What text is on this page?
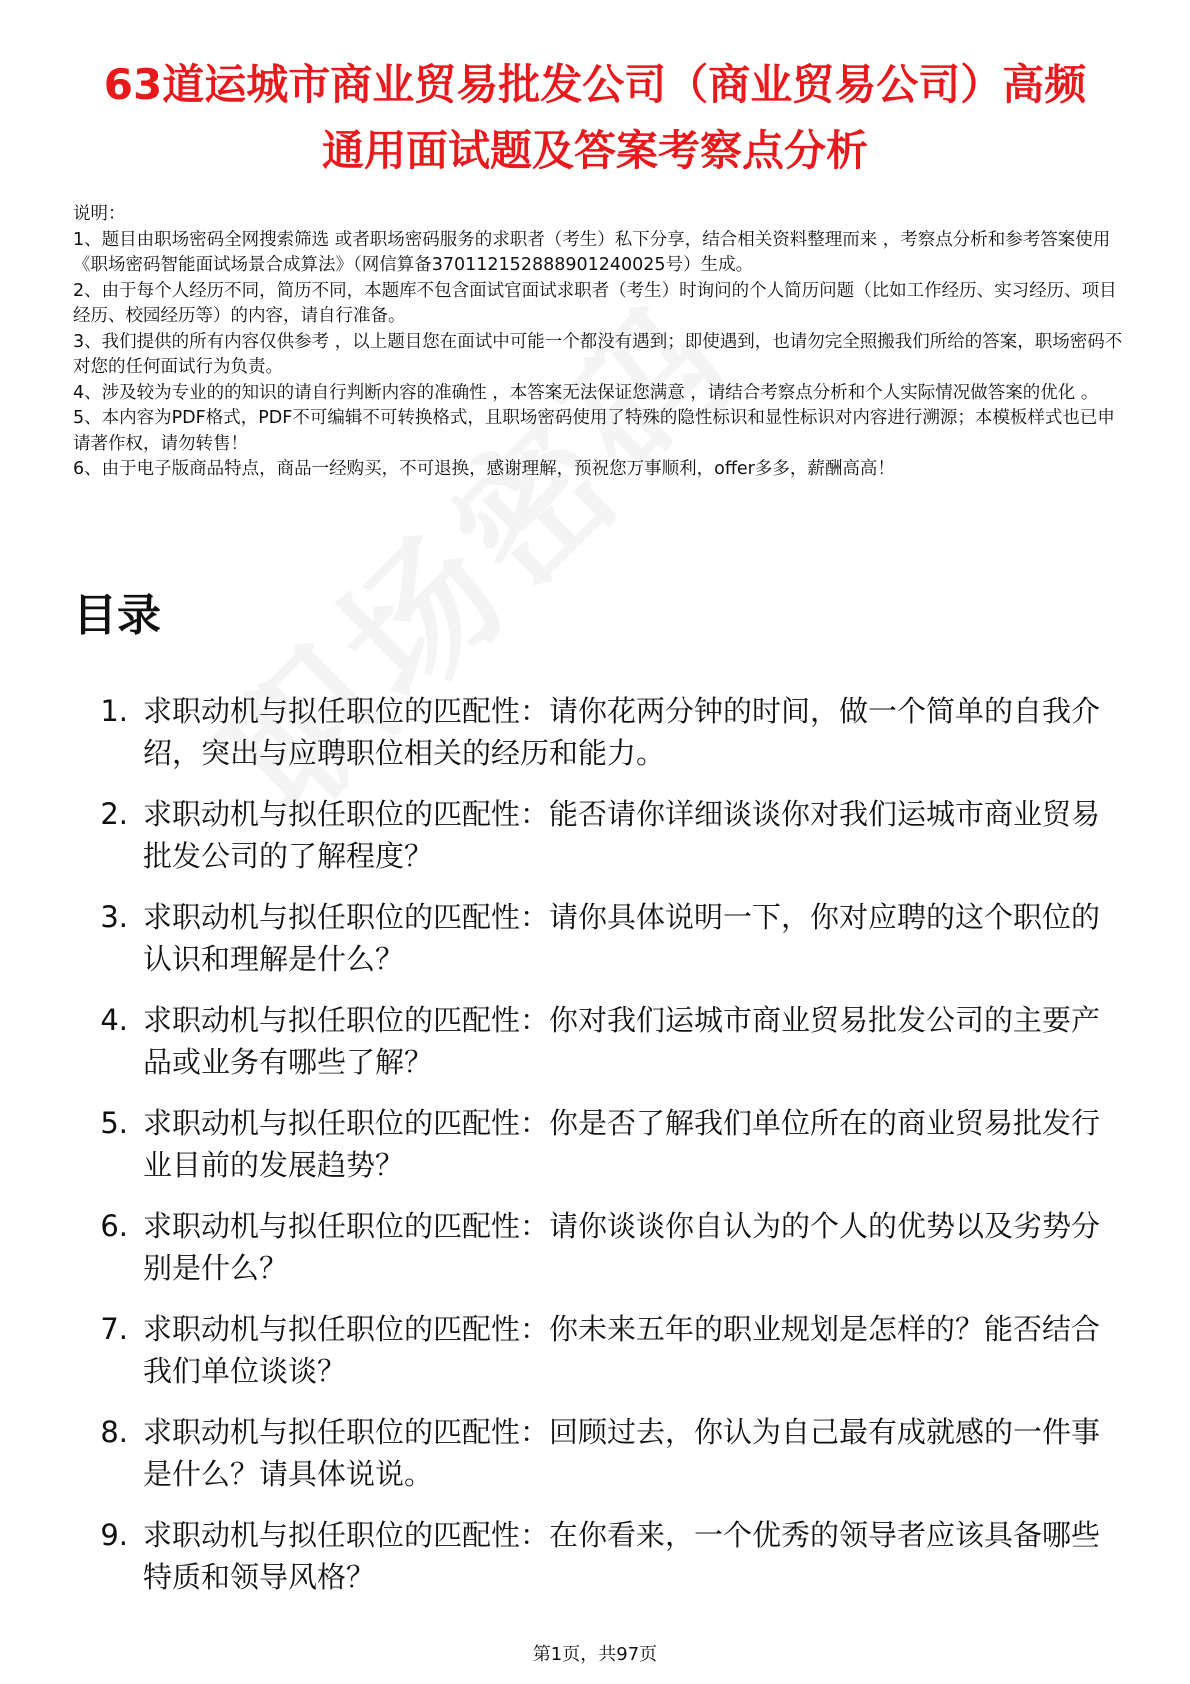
63道运城市商业贸易批发公司（商业贸易公司）高频通用面试题及答案考察点分析

说明：

1、题目由职场密码全网搜索筛选 或者职场密码服务的求职者（考生）私下分享，结合相关资料整理而来 ，考察点分析和参考答案使用《职场密码智能面试场景合成算法》（网信算备370112152888901240025号）生成。

2、由于每个人经历不同，简历不同，本题库不包含面试官面试求职者（考生）时询问的个人简历问题（比如工作经历、实习经历、项目经历、校园经历等）的内容，请自行准备。

3、我们提供的所有内容仅供参考 ，以上题目您在面试中可能一个都没有遇到；即使遇到，也请勿完全照搬我们所给的答案，职场密码不对您的任何面试行为负责。

4、涉及较为专业的的知识的请自行判断内容的准确性 ，本答案无法保证您满意 ，请结合考察点分析和个人实际情况做答案的优化 。

5、本内容为PDF格式，PDF不可编辑不可转换格式，且职场密码使用了特殊的隐性标识和显性标识对内容进行溯源；本模板样式也已申请著作权，请勿转售！

6、由于电子版商品特点，商品一经购买，不可退换，感谢理解，预祝您万事顺利，offer多多，薪酬高高！

目录
1. 求职动机与拟任职位的匹配性：请你花两分钟的时间，做一个简单的自我介绍，突出与应聘职位相关的经历和能力。
2. 求职动机与拟任职位的匹配性：能否请你详细谈谈你对我们运城市商业贸易批发公司的了解程度？
3. 求职动机与拟任职位的匹配性：请你具体说明一下，你对应聘的这个职位的认识和理解是什么？
4. 求职动机与拟任职位的匹配性：你对我们运城市商业贸易批发公司的主要产品或业务有哪些了解？
5. 求职动机与拟任职位的匹配性：你是否了解我们单位所在的商业贸易批发行业目前的发展趋势？
6. 求职动机与拟任职位的匹配性：请你谈谈你自认为的个人的优势以及劣势分别是什么？
7. 求职动机与拟任职位的匹配性：你未来五年的职业规划是怎样的？能否结合我们单位谈谈？
8. 求职动机与拟任职位的匹配性：回顾过去，你认为自己最有成就感的一件事是什么？请具体说说。
9. 求职动机与拟任职位的匹配性：在你看来，一个优秀的领导者应该具备哪些特质和领导风格？
第1页，共97页
